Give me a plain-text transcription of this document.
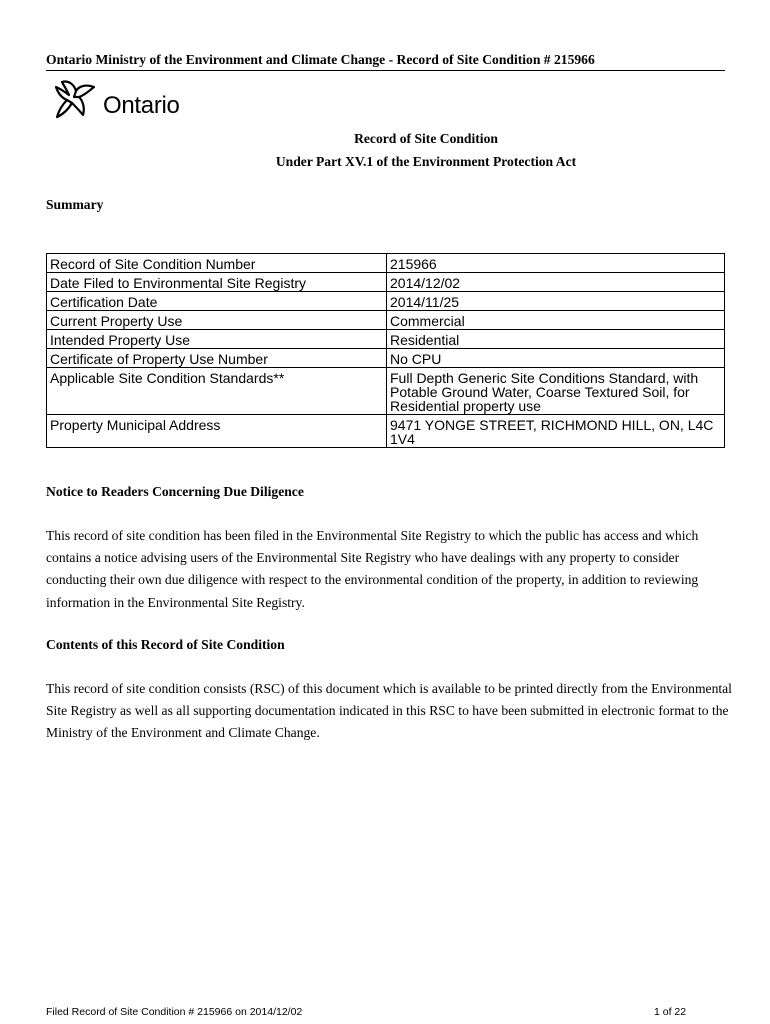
Ontario Ministry of the Environment and Climate Change - Record of Site Condition # 215966
Ontario
Record of Site Condition
Under Part XV.1 of the Environment Protection Act
Summary
Record of Site Condition Number	215966
Date Filed to Environmental Site Registry	2014/12/02
Certification Date	2014/11/25
Current Property Use	Commercial
Intended Property Use	Residential
Certificate of Property Use Number	No CPU
Applicable Site Condition Standards**	Full Depth Generic Site Conditions Standard, with Potable Ground Water, Coarse Textured Soil, for Residential property use
Property Municipal Address	9471 YONGE STREET, RICHMOND HILL, ON, L4C 1V4
Notice to Readers Concerning Due Diligence
This record of site condition has been filed in the Environmental Site Registry to which the public has access and which contains a notice advising users of the Environmental Site Registry who have dealings with any property to consider conducting their own due diligence with respect to the environmental condition of the property, in addition to reviewing information in the Environmental Site Registry.
Contents of this Record of Site Condition
This record of site condition consists (RSC) of this document which is available to be printed directly from the Environmental Site Registry as well as all supporting documentation indicated in this RSC to have been submitted in electronic format to the Ministry of the Environment and Climate Change.
Filed Record of Site Condition # 215966 on 2014/12/02	1 of 22
